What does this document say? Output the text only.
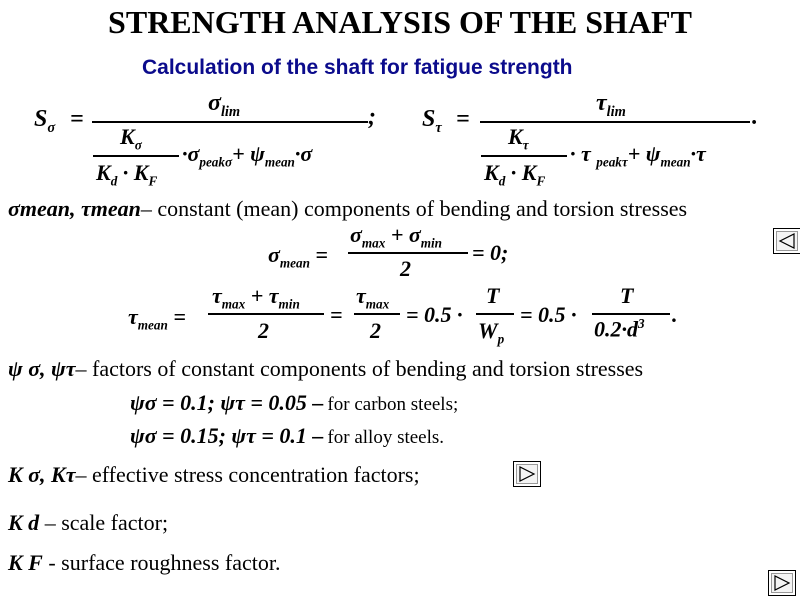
STRENGTH ANALYSIS OF THE SHAFT
Calculation of the shaft for fatigue strength
$S_\sigma$ =
$\sigma_{lim}$	;
$K_\sigma$
$K_d \cdot K_F$
$\cdot\sigma_{peak\sigma}+ \psi_{mean}\cdot\sigma$
$S_\tau$ =
$\tau_{lim}$	.
$K_\tau$
$K_d \cdot K_F$
· τ $_{peak\tau}+ \psi_{mean}\cdot\tau$
σmean, τmean– constant (mean) components of bending and torsion stresses
$\sigma_{mean}$ =
$\sigma_{max} + \sigma_{min}$
2
= 0;
$\tau_{mean}$ =
$\tau_{max} + \tau_{min}$
2
=
$\tau_{max}$
2
= 0.5 ·
T
$W_p$
= 0.5 ·
T
$0.2\cdot d^3$ .
ψ σ, ψτ– factors of constant components of bending and torsion stresses
ψσ = 0.1; ψτ = 0.05 – for carbon steels;
ψσ = 0.15; ψτ = 0.1 – for alloy steels.
K σ, Kτ– effective stress concentration factors;
K d – scale factor;
K F - surface roughness factor.
